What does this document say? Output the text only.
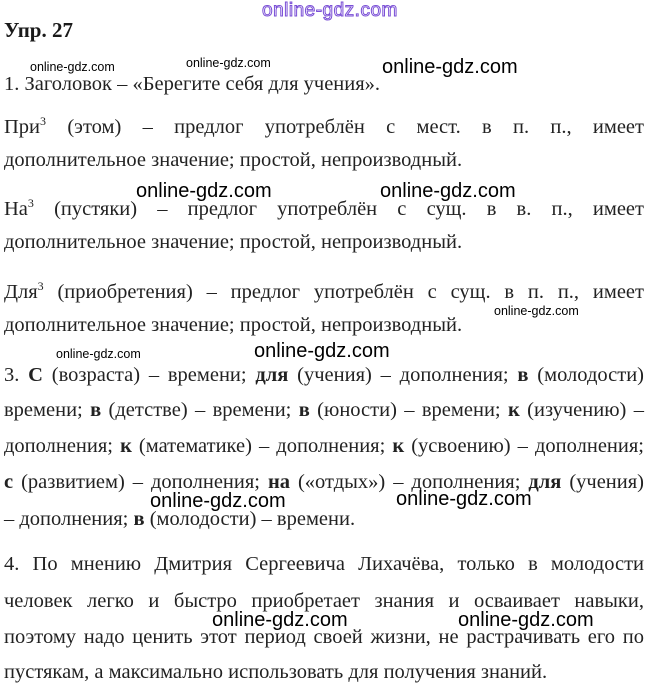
online-gdz.com
Упр. 27
online-gdz.com	online-gdz.com	online-gdz.com
1. Заголовок – «Берегите себя для учения».
При$^3$ (этом) – предлог употреблён с мест. в п. п., имеет
дополнительное значение; простой, непроизводный.
online-gdz.com	online-gdz.com
$На^3$ (пустяки) – предлог употреблён с сущ. в в. п., имеет
дополнительное значение; простой, непроизводный.
Для$^3$ (приобретения) – предлог употреблён с сущ. в п. п., имеет
дополнительное значение; простой, непроизводный.
online-gdz.com
online-gdz.com	online-gdz.com
3. С (возраста) – времени; для (учения) – дополнения; в (молодости)
времени; в (детстве) – времени; в (юности) – времени; к (изучению) –
дополнения; к (математике) – дополнения; к (усвоению) – дополнения;
с (развитием) – дополнения; на («отдых») – дополнения; для (учения)
online-gdz.com	online-gdz.com
– дополнения; в (молодости) – времени.
4. По мнению Дмитрия Сергеевича Лихачёва, только в молодости
человек легко и быстро приобретает знания и осваивает навыки,
online-gdz.com	online-gdz.com
поэтому надо ценить этот период своей жизни, не растрачивать его по
пустякам, а максимально использовать для получения знаний.
